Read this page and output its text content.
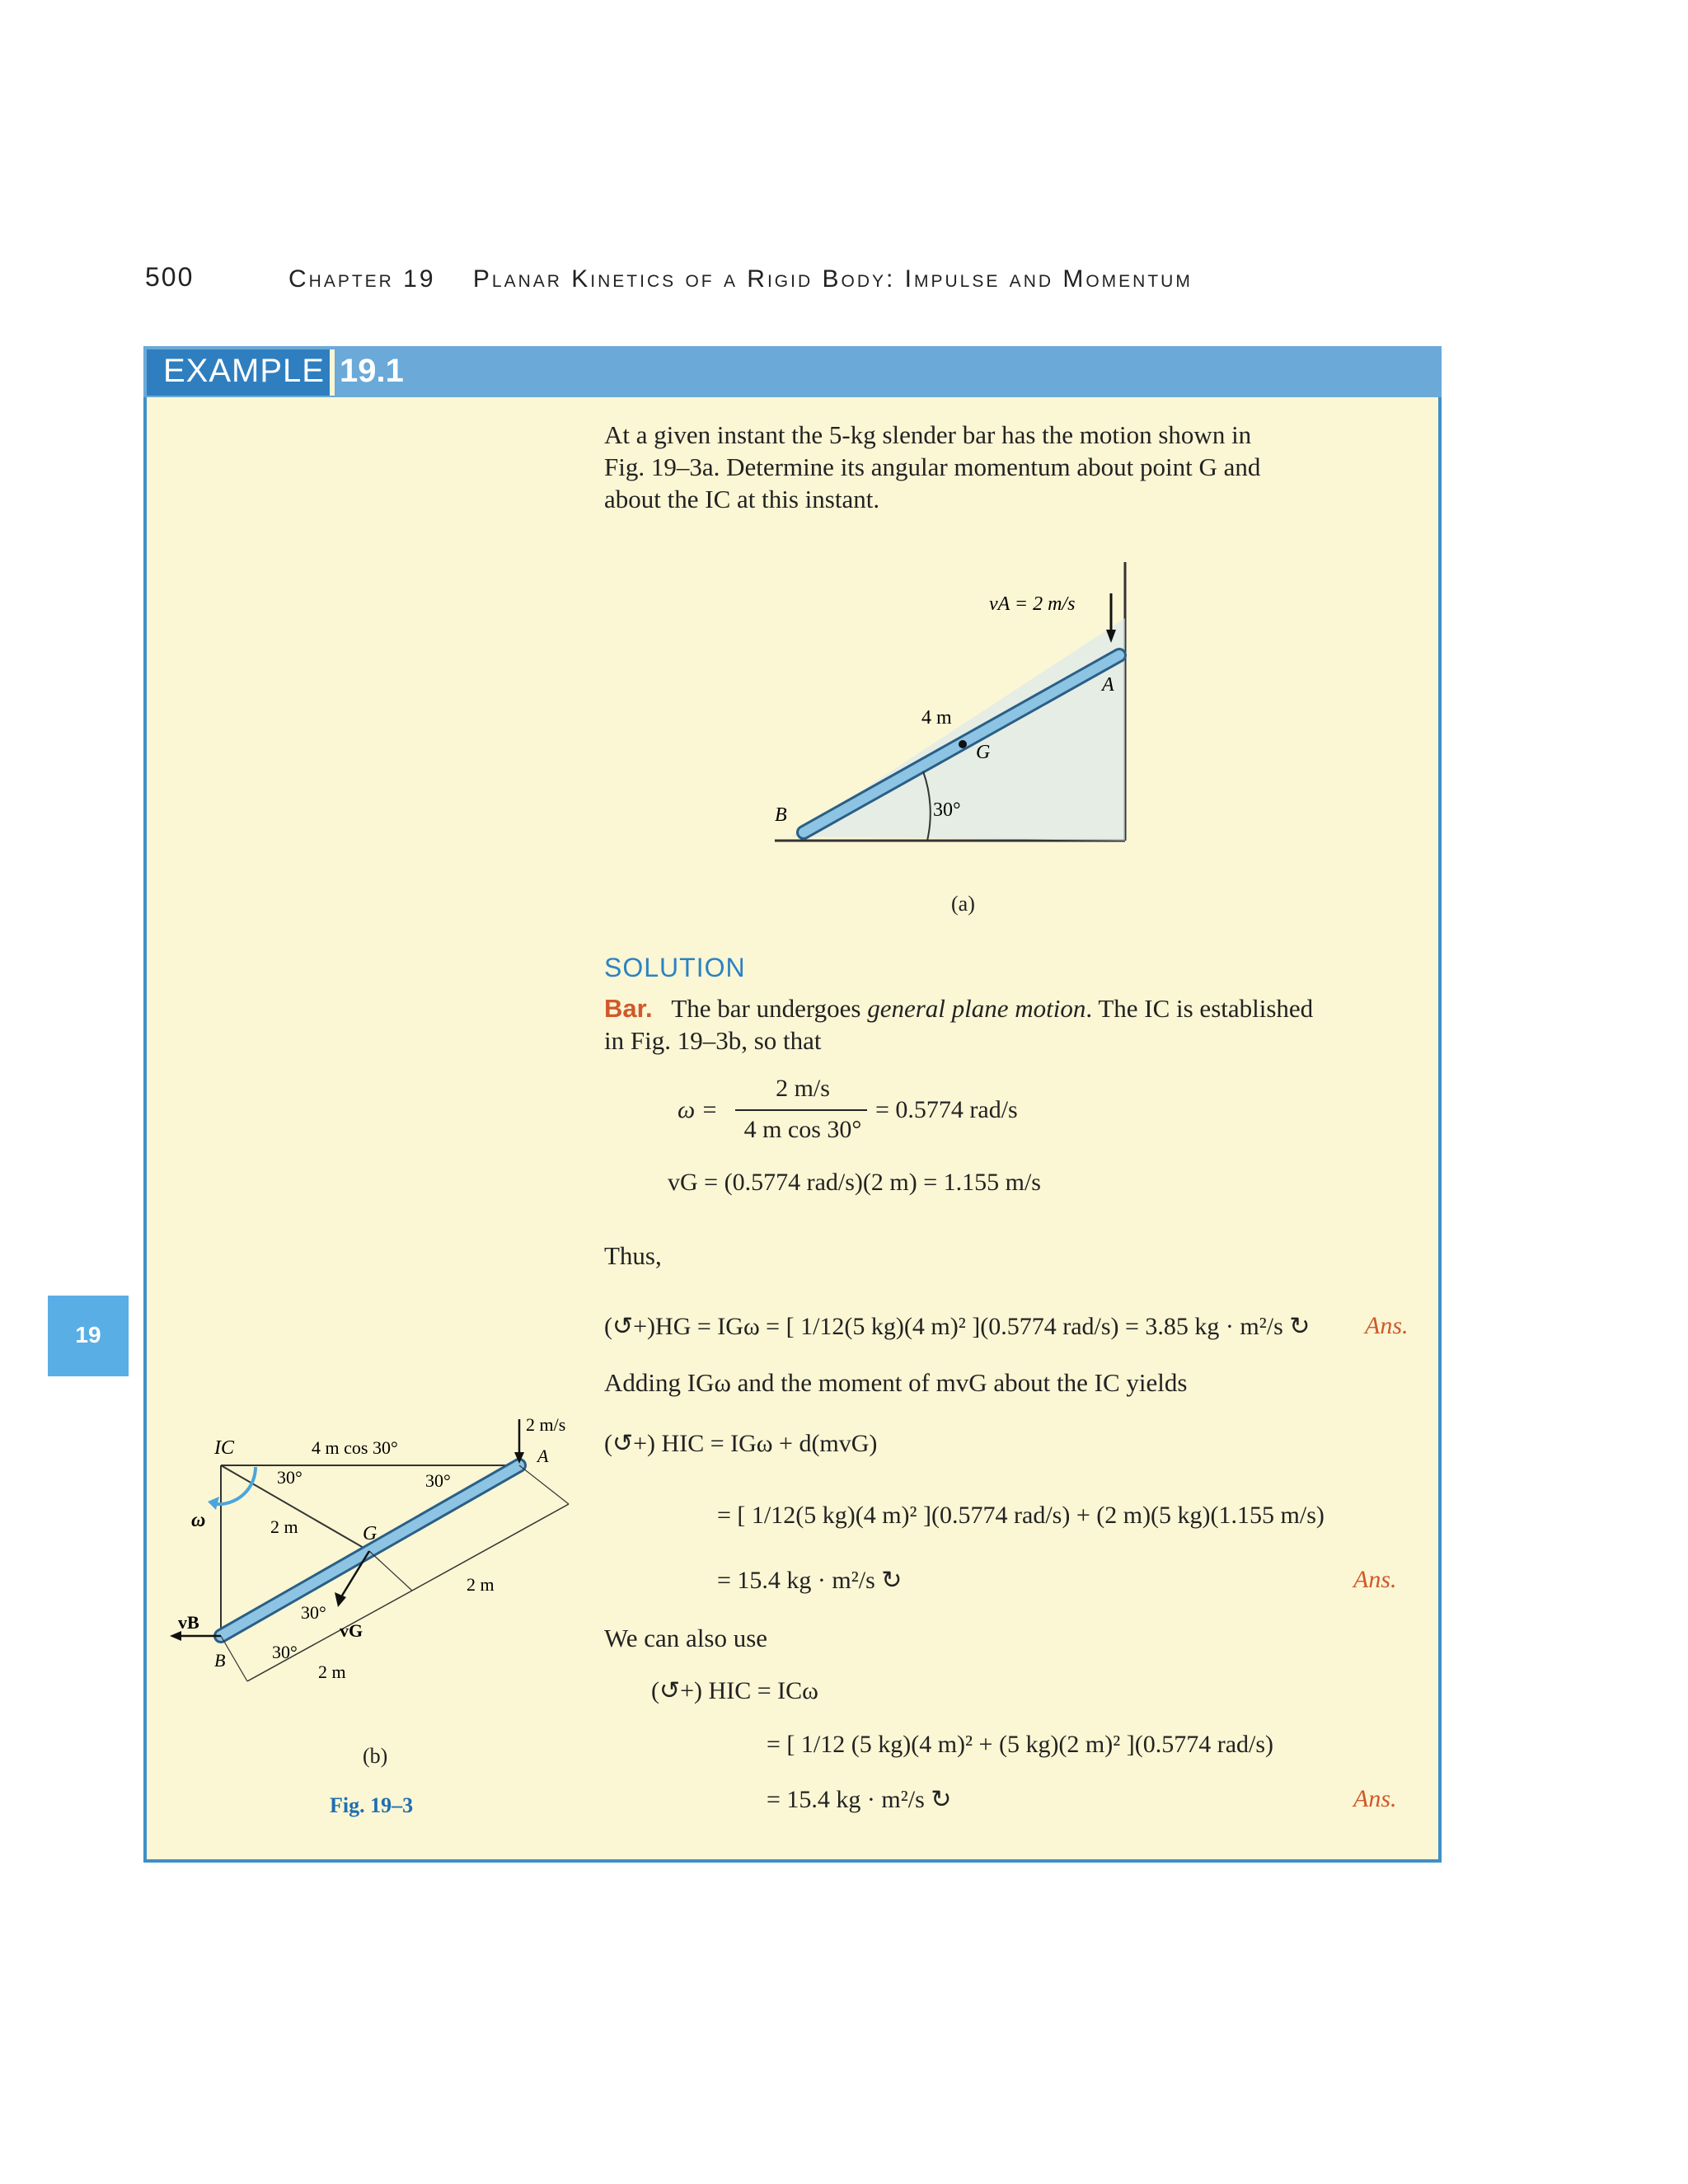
500	Chapter 19 Planar Kinetics of a Rigid Body: Impulse and Momentum
EXAMPLE 19.1
19
At a given instant the 5-kg slender bar has the motion shown in
Fig. 19–3a. Determine its angular momentum about point G and
about the IC at this instant.
vA = 2 m/s
4 m
30°
A
B
G
(a)
SOLUTION
Bar. The bar undergoes general plane motion. The IC is established
in Fig. 19–3b, so that
ω =
2 m/s
4 m cos 30°
= 0.5774 rad/s
vG = (0.5774 rad/s)(2 m) = 1.155 m/s
Thus,
(↺+)HG = IGω = [ 1/12(5 kg)(4 m)² ](0.5774 rad/s) = 3.85 kg · m²/s ↻ Ans.
Adding IGω and the moment of mvG about the IC yields
(↺+) HIC = IGω + d(mvG)
= [ 1/12(5 kg)(4 m)² ](0.5774 rad/s) + (2 m)(5 kg)(1.155 m/s)
= 15.4 kg · m²/s ↻	Ans.
We can also use
(↺+) HIC = ICω
= [ 1/12 (5 kg)(4 m)² + (5 kg)(2 m)² ](0.5774 rad/s)
= 15.4 kg · m²/s ↻	Ans.
IC	4 m cos 30°
2 m/s
A
30°	30°
30°
30°
ω	2 m
2 m
2 m
G
vG
vB
B
(b)
Fig. 19–3
